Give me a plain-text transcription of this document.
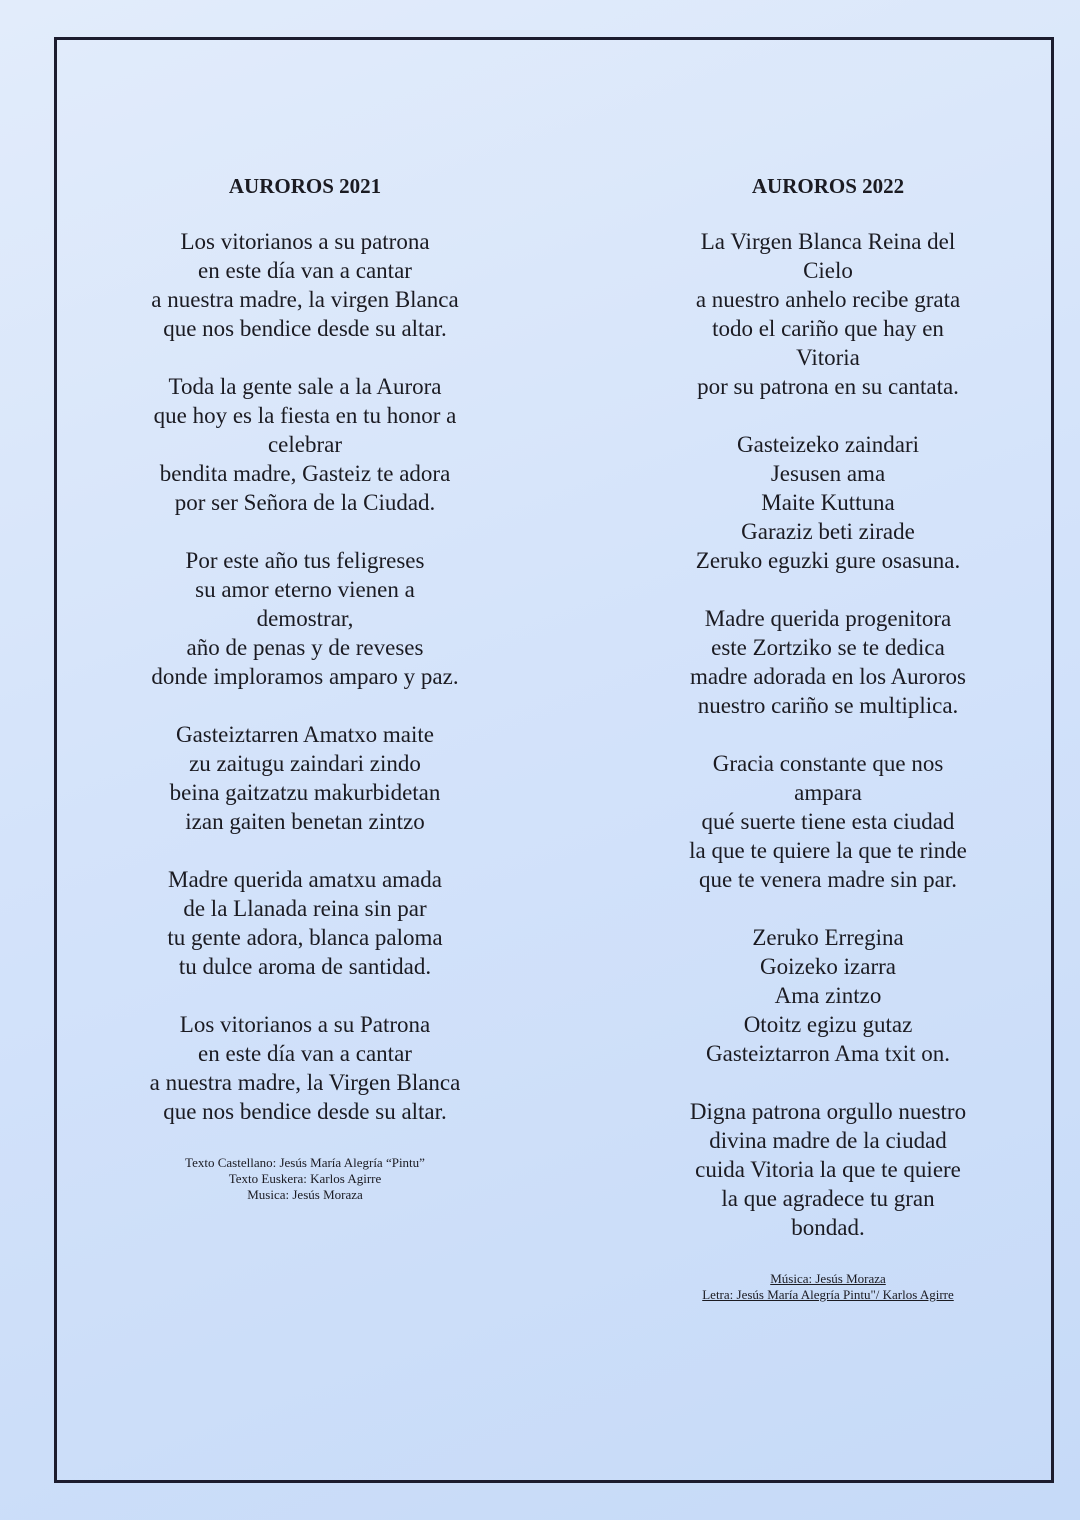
AUROROS 2021
Los vitorianos a su patrona
en este día van a cantar
a nuestra madre, la virgen Blanca
que nos bendice desde su altar.
Toda la gente sale a la Aurora
que hoy es la fiesta en tu honor a
celebrar
bendita madre, Gasteiz te adora
por ser Señora de la Ciudad.
Por este año tus feligreses
su amor eterno vienen a
demostrar,
año de penas y de reveses
donde imploramos amparo y paz.
Gasteiztarren Amatxo maite
zu zaitugu zaindari zindo
beina gaitzatzu makurbidetan
izan gaiten benetan zintzo
Madre querida amatxu amada
de la Llanada reina sin par
tu gente adora, blanca paloma
tu dulce aroma de santidad.
Los vitorianos a su Patrona
en este día van a cantar
a nuestra madre, la Virgen Blanca
que nos bendice desde su altar.
Texto Castellano: Jesús María Alegría “Pintu”
Texto Euskera: Karlos Agirre
Musica: Jesús Moraza
AUROROS 2022
La Virgen Blanca Reina del
Cielo
a nuestro anhelo recibe grata
todo el cariño que hay en
Vitoria
por su patrona en su cantata.
Gasteizeko zaindari
Jesusen ama
Maite Kuttuna
Garaziz beti zirade
Zeruko eguzki gure osasuna.
Madre querida progenitora
este Zortziko se te dedica
madre adorada en los Auroros
nuestro cariño se multiplica.
Gracia constante que nos
ampara
qué suerte tiene esta ciudad
la que te quiere la que te rinde
que te venera madre sin par.
Zeruko Erregina
Goizeko izarra
Ama zintzo
Otoitz egizu gutaz
Gasteiztarron Ama txit on.
Digna patrona orgullo nuestro
divina madre de la ciudad
cuida Vitoria la que te quiere
la que agradece tu gran
bondad.
Música: Jesús Moraza
Letra: Jesús María Alegría Pintu"/ Karlos Agirre
